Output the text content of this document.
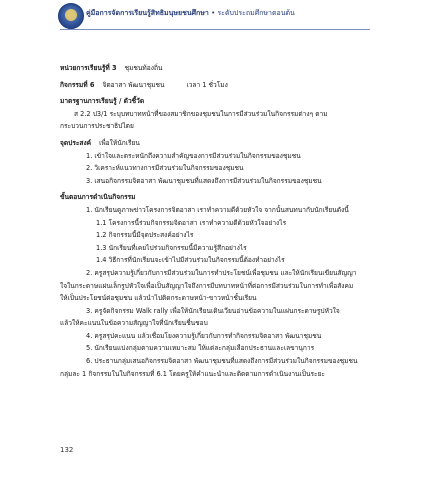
คู่มือการจัดการเรียนรู้สิทธิมนุษยชนศึกษา • ระดับประถมศึกษาตอนต้น
หน่วยการเรียนรู้ที่ 3 ชุมชนท้องถิ่น
กิจกรรมที่ 6 จิตอาสา พัฒนาชุมชน	เวลา 1 ชั่วโมง
มาตรฐานการเรียนรู้ / ตัวชี้วัด
ส 2.2 ป3/1 ระบุบทบาทหน้าที่ของสมาชิกของชุมชนในการมีส่วนร่วมในกิจกรรมต่างๆ ตาม
กระบวนการประชาธิปไตย
จุดประสงค์ เพื่อให้นักเรียน
1. เข้าใจและตระหนักถึงความสำคัญของการมีส่วนร่วมในกิจกรรมของชุมชน
2. วิเคราะห์แนวทางการมีส่วนร่วมในกิจกรรมของชุมชน
3. เสนอกิจกรรมจิตอาสา พัฒนาชุมชนที่แสดงถึงการมีส่วนร่วมในกิจกรรมของชุมชน
ขั้นตอนการดำเนินกิจกรรม
1. นักเรียนดูภาพข่าวโครงการจิตอาสา เราทำความดีด้วยหัวใจ จากนั้นสนทนากับนักเรียนดังนี้
1.1 โครงการนี้ร่วมกิจกรรมจิตอาสา เราทำความดีด้วยหัวใจอย่างไร
1.2 กิจกรรมนี้มีจุดประสงค์อย่างไร
1.3 นักเรียนที่เคยไปร่วมกิจกรรมนี้มีความรู้สึกอย่างไร
1.4 วิธีการที่นักเรียนจะเข้าไปมีส่วนร่วมในกิจกรรมนี้ต้องทำอย่างไร
2. ครูสรุปความรู้เกี่ยวกับการมีส่วนร่วมในการทำประโยชน์เพื่อชุมชน และให้นักเรียนเขียนสัญญา
ใจในกระดาษแผ่นเล็กรูปหัวใจเพื่อเป็นสัญญาใจถึงการมีบทบาทหน้าที่ต่อการมีส่วนร่วมในการทำเพื่อสังคม
ให้เป็นประโยชน์ต่อชุมชน แล้วนำไปติดกระดาษหน้า-ขาวหน้าชั้นเรียน
3. ครูจัดกิจกรรม Walk rally เพื่อให้นักเรียนเดินเวียนอ่านข้อความในแผ่นกระดาษรูปหัวใจ
แล้วให้คะแนนในข้อความสัญญาใจที่นักเรียนชื่นชอบ
4. ครูสรุปคะแนน แล้วเชื่อมโยงความรู้เกี่ยวกับการทำกิจกรรมจิตอาสา พัฒนาชุมชน
5. นักเรียนแบ่งกลุ่มตามความเหมาะสม ให้แต่ละกลุ่มเลือกประธานและเลขานุการ
6. ประธานกลุ่มเสนอกิจกรรมจิตอาสา พัฒนาชุมชนที่แสดงถึงการมีส่วนร่วมในกิจกรรมของชุมชน
กลุ่มละ 1 กิจกรรมในใบกิจกรรมที่ 6.1 โดยครูให้คำแนะนำและติดตามการดำเนินงานเป็นระยะ
132
